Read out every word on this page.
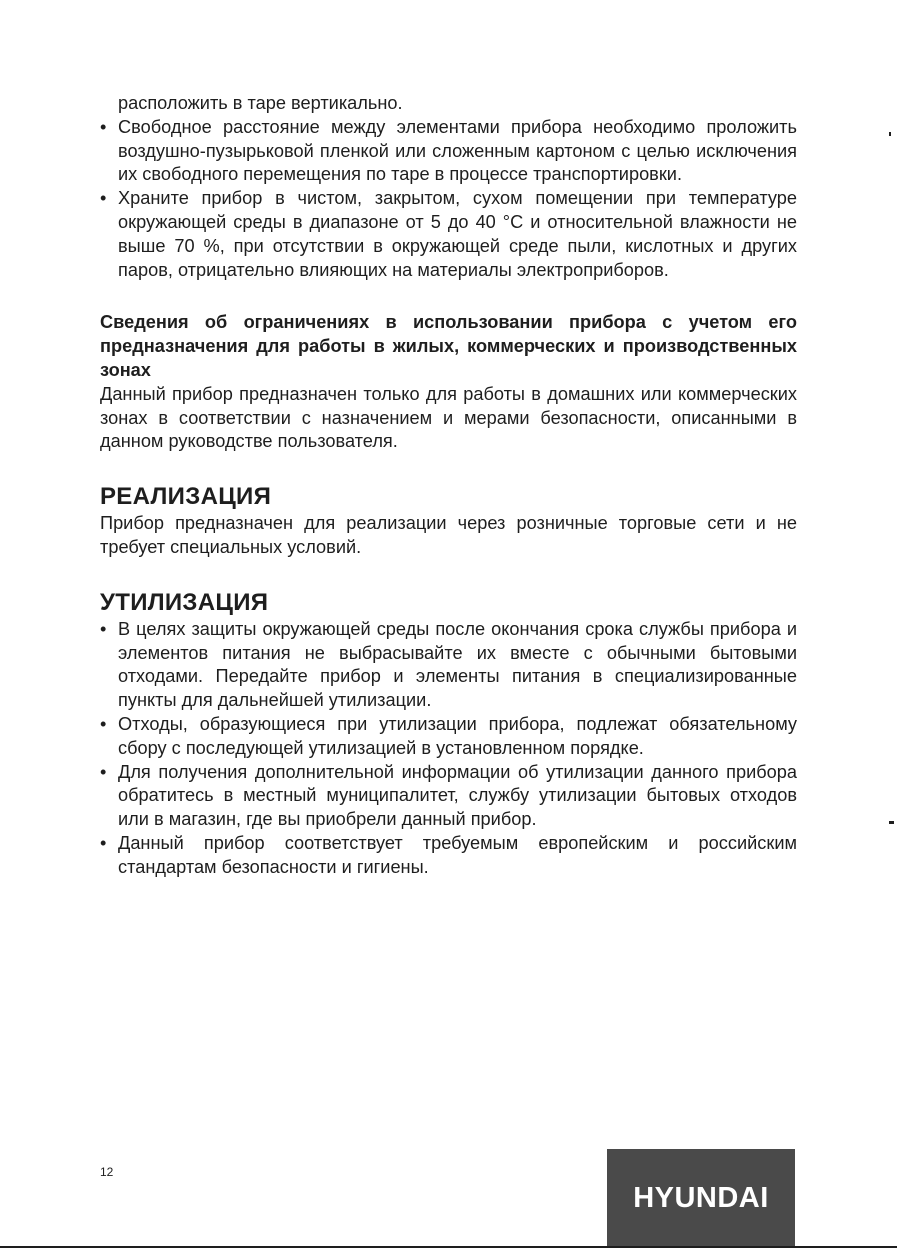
расположить в таре вертикально.

• Свободное расстояние между элементами прибора необходимо проложить воздушно-пузырьковой пленкой или сложенным картоном с целью исключения их свободного перемещения по таре в процессе транспортировки.
• Храните прибор в чистом, закрытом, сухом помещении при температуре окружающей среды в диапазоне от 5 до 40 °C и относительной влажности не выше 70 %, при отсутствии в окружающей среде пыли, кислотных и других паров, отрицательно влияющих на материалы электроприборов.

Сведения об ограничениях в использовании прибора с учетом его предназначения для работы в жилых, коммерческих и производственных зонах

Данный прибор предназначен только для работы в домашних или коммерческих зонах в соответствии с назначением и мерами безопасности, описанными в данном руководстве пользователя.

РЕАЛИЗАЦИЯ

Прибор предназначен для реализации через розничные торговые сети и не требует специальных условий.

УТИЛИЗАЦИЯ
• В целях защиты окружающей среды после окончания срока службы прибора и элементов питания не выбрасывайте их вместе с обычными бытовыми отходами. Передайте прибор и элементы питания в специализированные пункты для дальнейшей утилизации.
• Отходы, образующиеся при утилизации прибора, подлежат обязательному сбору с последующей утилизацией в установленном порядке.
• Для получения дополнительной информации об утилизации данного прибора обратитесь в местный муниципалитет, службу утилизации бытовых отходов или в магазин, где вы приобрели данный прибор.
• Данный прибор соответствует требуемым европейским и российским стандартам безопасности и гигиены.
12
HYUNDAI
